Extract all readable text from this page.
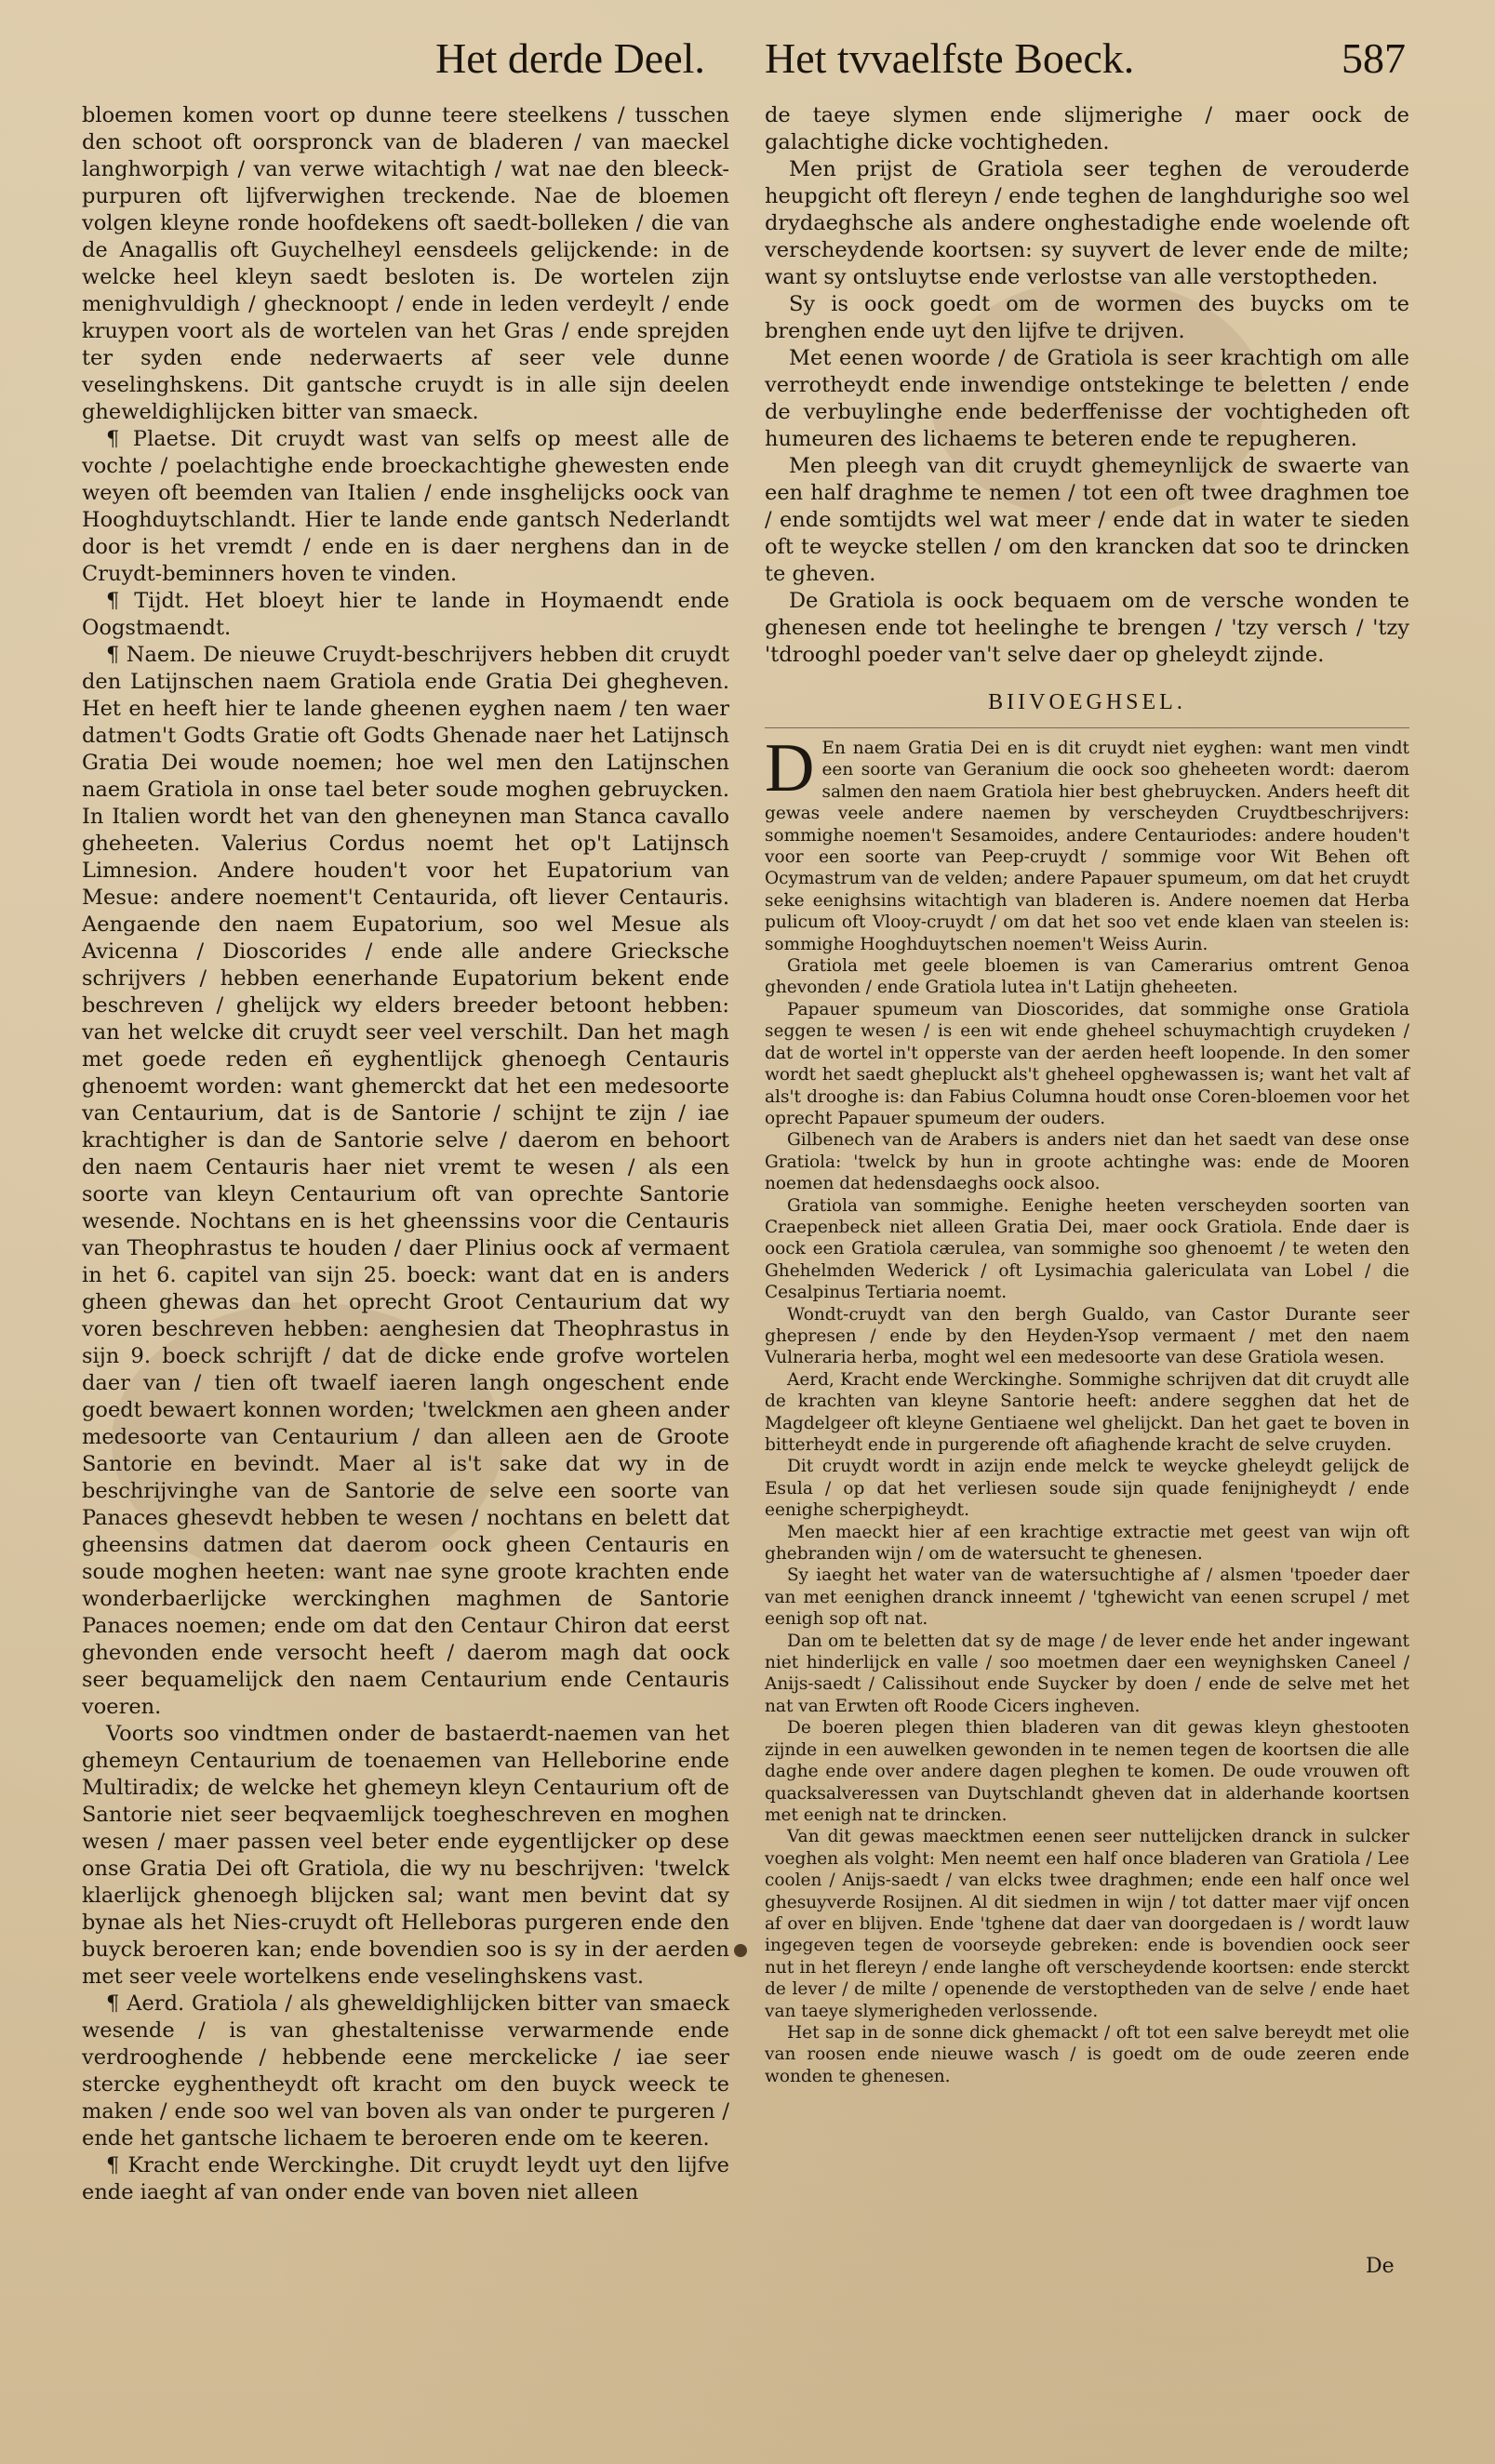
Het derde Deel. Het tvvaelfste Boeck.	587

bloemen komen voort op dunne teere steelkens / tusschen den schoot oft oorspronck van de bladeren / van maeckel langhworpigh / van verwe witachtigh / wat nae den bleeck-purpuren oft lijfverwighen treckende. Nae de bloemen volgen kleyne ronde hoofdekens oft saedt-bolleken / die van de Anagallis oft Guychelheyl eensdeels gelijckende: in de welcke heel kleyn saedt besloten is. De wortelen zijn menighvuldigh / ghecknoopt / ende in leden verdeylt / ende kruypen voort als de wortelen van het Gras / ende sprejden ter syden ende nederwaerts af seer vele dunne veselinghskens. Dit gantsche cruydt is in alle sijn deelen gheweldighlijcken bitter van smaeck.

¶ Plaetse. Dit cruydt wast van selfs op meest alle de vochte / poelachtighe ende broeckachtighe ghewesten ende weyen oft beemden van Italien / ende insghelijcks oock van Hooghduytschlandt. Hier te lande ende gantsch Nederlandt door is het vremdt / ende en is daer nerghens dan in de Cruydt-beminners hoven te vinden.

¶ Tijdt. Het bloeyt hier te lande in Hoymaendt ende Oogstmaendt.

¶ Naem. De nieuwe Cruydt-beschrijvers hebben dit cruydt den Latijnschen naem Gratiola ende Gratia Dei ghegheven. Het en heeft hier te lande gheenen eyghen naem / ten waer datmen't Godts Gratie oft Godts Ghenade naer het Latijnsch Gratia Dei woude noemen; hoe wel men den Latijnschen naem Gratiola in onse tael beter soude moghen gebruycken. In Italien wordt het van den gheneynen man Stanca cavallo gheheeten. Valerius Cordus noemt het op't Latijnsch Limnesion. Andere houden't voor het Eupatorium van Mesue: andere noement't Centaurida, oft liever Centauris. Aengaende den naem Eupatorium, soo wel Mesue als Avicenna / Dioscorides / ende alle andere Griecksche schrijvers / hebben eenerhande Eupatorium bekent ende beschreven / ghelijck wy elders breeder betoont hebben: van het welcke dit cruydt seer veel verschilt. Dan het magh met goede reden eñ eyghentlijck ghenoegh Centauris ghenoemt worden: want ghemerckt dat het een medesoorte van Centaurium, dat is de Santorie / schijnt te zijn / iae krachtigher is dan de Santorie selve / daerom en behoort den naem Centauris haer niet vremt te wesen / als een soorte van kleyn Centaurium oft van oprechte Santorie wesende. Nochtans en is het gheenssins voor die Centauris van Theophrastus te houden / daer Plinius oock af vermaent in het 6. capitel van sijn 25. boeck: want dat en is anders gheen ghewas dan het oprecht Groot Centaurium dat wy voren beschreven hebben: aenghesien dat Theophrastus in sijn 9. boeck schrijft / dat de dicke ende grofve wortelen daer van / tien oft twaelf iaeren langh ongeschent ende goedt bewaert konnen worden; 'twelckmen aen gheen ander medesoorte van Centaurium / dan alleen aen de Groote Santorie en bevindt. Maer al is't sake dat wy in de beschrijvinghe van de Santorie de selve een soorte van Panaces ghesevdt hebben te wesen / nochtans en belett dat gheensins datmen dat daerom oock gheen Centauris en soude moghen heeten: want nae syne groote krachten ende wonderbaerlijcke werckinghen maghmen de Santorie Panaces noemen; ende om dat den Centaur Chiron dat eerst ghevonden ende versocht heeft / daerom magh dat oock seer bequamelijck den naem Centaurium ende Centauris voeren.

Voorts soo vindtmen onder de bastaerdt-naemen van het ghemeyn Centaurium de toenaemen van Helleborine ende Multiradix; de welcke het ghemeyn kleyn Centaurium oft de Santorie niet seer beqvaemlijck toegheschreven en moghen wesen / maer passen veel beter ende eygentlijcker op dese onse Gratia Dei oft Gratiola, die wy nu beschrijven: 'twelck klaerlijck ghenoegh blijcken sal; want men bevint dat sy bynae als het Nies-cruydt oft Helleboras purgeren ende den buyck beroeren kan; ende bovendien soo is sy in der aerden met seer veele wortelkens ende veselinghskens vast.

¶ Aerd. Gratiola / als gheweldighlijcken bitter van smaeck wesende / is van ghestaltenisse verwarmende ende verdrooghende / hebbende eene merckelicke / iae seer stercke eyghentheydt oft kracht om den buyck weeck te maken / ende soo wel van boven als van onder te purgeren / ende het gantsche lichaem te beroeren ende om te keeren.

¶ Kracht ende Werckinghe. Dit cruydt leydt uyt den lijfve ende iaeght af van onder ende van boven niet alleen

de taeye slymen ende slijmerighe / maer oock de galachtighe dicke vochtigheden.

Men prijst de Gratiola seer teghen de verouderde heupgicht oft flereyn / ende teghen de langhdurighe soo wel drydaeghsche als andere onghestadighe ende woelende oft verscheydende koortsen: sy suyvert de lever ende de milte; want sy ontsluytse ende verlostse van alle verstoptheden.

Sy is oock goedt om de wormen des buycks om te brenghen ende uyt den lijfve te drijven.

Met eenen woorde / de Gratiola is seer krachtigh om alle verrotheydt ende inwendige ontstekinge te beletten / ende de verbuylinghe ende bederffenisse der vochtigheden oft humeuren des lichaems te beteren ende te repugheren.

Men pleegh van dit cruydt ghemeynlijck de swaerte van een half draghme te nemen / tot een oft twee draghmen toe / ende somtijdts wel wat meer / ende dat in water te sieden oft te weycke stellen / om den krancken dat soo te drincken te gheven.

De Gratiola is oock bequaem om de versche wonden te ghenesen ende tot heelinghe te brengen / 'tzy versch / 'tzy 'tdrooghl poeder van't selve daer op gheleydt zijnde.

BIIVOEGHSEL.

D En naem Gratia Dei en is dit cruydt niet eyghen: want men vindt een soorte van Geranium die oock soo gheheeten wordt: daerom salmen den naem Gratiola hier best ghebruycken. Anders heeft dit gewas veele andere naemen by verscheyden Cruydtbeschrijvers: sommighe noemen't Sesamoides, andere Centauriodes: andere houden't voor een soorte van Peep-cruydt / sommige voor Wit Behen oft Ocymastrum van de velden; andere Papauer spumeum, om dat het cruydt seke eenighsins witachtigh van bladeren is. Andere noemen dat Herba pulicum oft Vlooy-cruydt / om dat het soo vet ende klaen van steelen is: sommighe Hooghduytschen noemen't Weiss Aurin.

Gratiola met geele bloemen is van Camerarius omtrent Genoa ghevonden / ende Gratiola lutea in't Latijn gheheeten.

Papauer spumeum van Dioscorides, dat sommighe onse Gratiola seggen te wesen / is een wit ende gheheel schuymachtigh cruydeken / dat de wortel in't opperste van der aerden heeft loopende. In den somer wordt het saedt ghepluckt als't gheheel opghewassen is; want het valt af als't drooghe is: dan Fabius Columna houdt onse Coren-bloemen voor het oprecht Papauer spumeum der ouders.

Gilbenech van de Arabers is anders niet dan het saedt van dese onse Gratiola: 'twelck by hun in groote achtinghe was: ende de Mooren noemen dat hedensdaeghs oock alsoo.

Gratiola van sommighe. Eenighe heeten verscheyden soorten van Craepenbeck niet alleen Gratia Dei, maer oock Gratiola. Ende daer is oock een Gratiola cærulea, van sommighe soo ghenoemt / te weten den Ghehelmden Wederick / oft Lysimachia galericulata van Lobel / die Cesalpinus Tertiaria noemt.

Wondt-cruydt van den bergh Gualdo, van Castor Durante seer ghepresen / ende by den Heyden-Ysop vermaent / met den naem Vulneraria herba, moght wel een medesoorte van dese Gratiola wesen.

Aerd, Kracht ende Werckinghe. Sommighe schrijven dat dit cruydt alle de krachten van kleyne Santorie heeft: andere segghen dat het de Magdelgeer oft kleyne Gentiaene wel ghelijckt. Dan het gaet te boven in bitterheydt ende in purgerende oft afiaghende kracht de selve cruyden.

Dit cruydt wordt in azijn ende melck te weycke gheleydt gelijck de Esula / op dat het verliesen soude sijn quade fenijnigheydt / ende eenighe scherpigheydt.

Men maeckt hier af een krachtige extractie met geest van wijn oft ghebranden wijn / om de watersucht te ghenesen.

Sy iaeght het water van de watersuchtighe af / alsmen 'tpoeder daer van met eenighen dranck inneemt / 'tghewicht van eenen scrupel / met eenigh sop oft nat.

Dan om te beletten dat sy de mage / de lever ende het ander ingewant niet hinderlijck en valle / soo moetmen daer een weynighsken Caneel / Anijs-saedt / Calissihout ende Suycker by doen / ende de selve met het nat van Erwten oft Roode Cicers ingheven.

De boeren plegen thien bladeren van dit gewas kleyn ghestooten zijnde in een auwelken gewonden in te nemen tegen de koortsen die alle daghe ende over andere dagen pleghen te komen. De oude vrouwen oft quacksalveressen van Duytschlandt gheven dat in alderhande koortsen met eenigh nat te drincken.

Van dit gewas maecktmen eenen seer nuttelijcken dranck in sulcker voeghen als volght: Men neemt een half once bladeren van Gratiola / Lee coolen / Anijs-saedt / van elcks twee draghmen; ende een half once wel ghesuyverde Rosijnen. Al dit siedmen in wijn / tot datter maer vijf oncen af over en blijven. Ende 'tghene dat daer van doorgedaen is / wordt lauw ingegeven tegen de voorseyde gebreken: ende is bovendien oock seer nut in het flereyn / ende langhe oft verscheydende koortsen: ende sterckt de lever / de milte / openende de verstoptheden van de selve / ende haet van taeye slymerigheden verlossende.

Het sap in de sonne dick ghemackt / oft tot een salve bereydt met olie van roosen ende nieuwe wasch / is goedt om de oude zeeren ende wonden te ghenesen.

De
